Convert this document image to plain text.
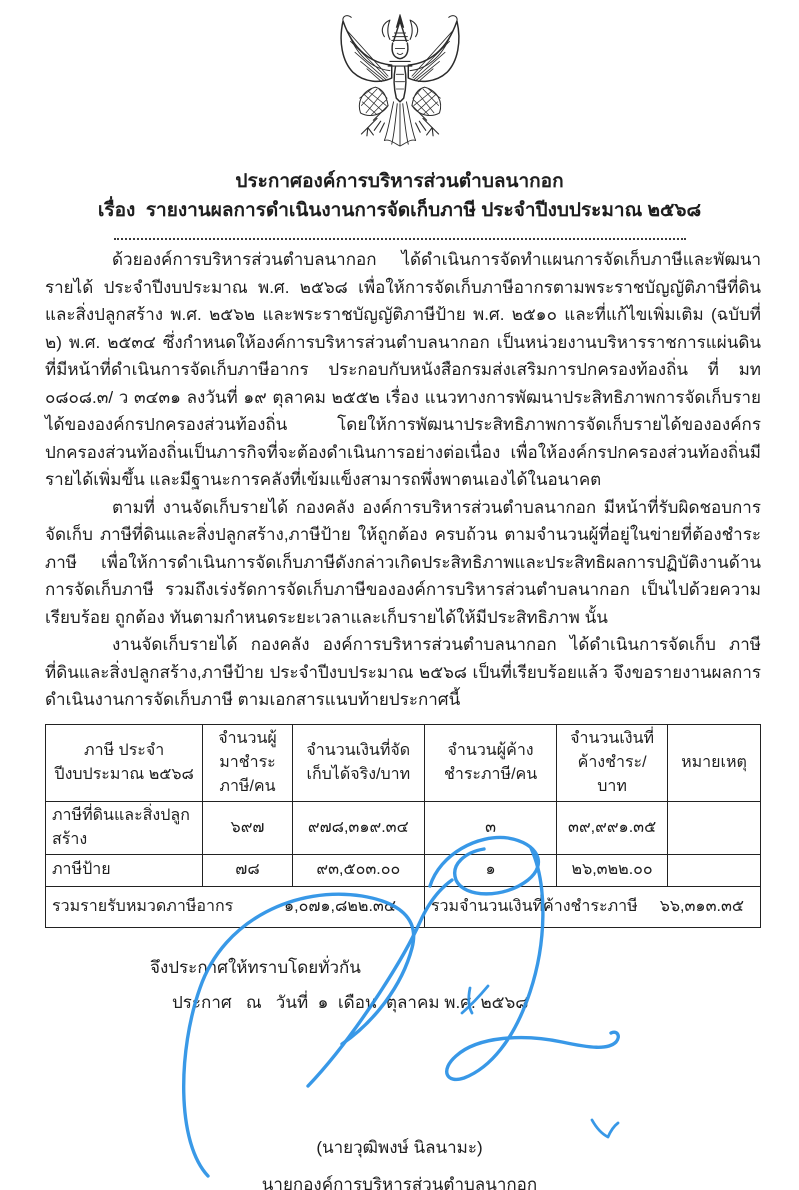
ประกาศองค์การบริหารส่วนตำบลนากอก
เรื่อง  รายงานผลการดำเนินงานการจัดเก็บภาษี ประจำปีงบประมาณ ๒๕๖๘

ด้วยองค์การบริหารส่วนตำบลนากอก ได้ดำเนินการจัดทำแผนการจัดเก็บภาษีและพัฒนารายได้ ประจำปีงบประมาณ พ.ศ. ๒๕๖๘ เพื่อให้การจัดเก็บภาษีอากรตามพระราชบัญญัติภาษีที่ดินและสิ่งปลูกสร้าง พ.ศ. ๒๕๖๒ และพระราชบัญญัติภาษีป้าย พ.ศ. ๒๕๑๐ และที่แก้ไขเพิ่มเติม (ฉบับที่ ๒) พ.ศ. ๒๕๓๔ ซึ่งกำหนดให้องค์การบริหารส่วนตำบลนากอก เป็นหน่วยงานบริหารราชการแผ่นดินที่มีหน้าที่ดำเนินการจัดเก็บภาษีอากร ประกอบกับหนังสือกรมส่งเสริมการปกครองท้องถิ่น ที่ มท ๐๘๐๘.๓/ ว ๓๔๓๑ ลงวันที่ ๑๙ ตุลาคม ๒๕๕๒ เรื่อง แนวทางการพัฒนาประสิทธิภาพการจัดเก็บรายได้ขององค์กรปกครองส่วนท้องถิ่น โดยให้การพัฒนาประสิทธิภาพการจัดเก็บรายได้ขององค์กรปกครองส่วนท้องถิ่นเป็นภารกิจที่จะต้องดำเนินการอย่างต่อเนื่อง เพื่อให้องค์กรปกครองส่วนท้องถิ่นมีรายได้เพิ่มขึ้น และมีฐานะการคลังที่เข้มแข็งสามารถพึ่งพาตนเองได้ในอนาคต

ตามที่ งานจัดเก็บรายได้ กองคลัง องค์การบริหารส่วนตำบลนากอก มีหน้าที่รับผิดชอบการจัดเก็บ ภาษีที่ดินและสิ่งปลูกสร้าง,ภาษีป้าย ให้ถูกต้อง ครบถ้วน ตามจำนวนผู้ที่อยู่ในข่ายที่ต้องชำระภาษี เพื่อให้การดำเนินการจัดเก็บภาษีดังกล่าวเกิดประสิทธิภาพและประสิทธิผลการปฏิบัติงานด้านการจัดเก็บภาษี รวมถึงเร่งรัดการจัดเก็บภาษีขององค์การบริหารส่วนตำบลนากอก เป็นไปด้วยความเรียบร้อย ถูกต้อง ทันตามกำหนดระยะเวลาและเก็บรายได้ให้มีประสิทธิภาพ นั้น

งานจัดเก็บรายได้ กองคลัง องค์การบริหารส่วนตำบลนากอก ได้ดำเนินการจัดเก็บ ภาษีที่ดินและสิ่งปลูกสร้าง,ภาษีป้าย ประจำปีงบประมาณ ๒๕๖๘ เป็นที่เรียบร้อยแล้ว จึงขอรายงานผลการดำเนินงานการจัดเก็บภาษี ตามเอกสารแนบท้ายประกาศนี้

ภาษี ประจำปีงบประมาณ ๒๕๖๘	จำนวนผู้มาชำระภาษี/คน	จำนวนเงินที่จัดเก็บได้จริง/บาท	จำนวนผู้ค้างชำระภาษี/คน	จำนวนเงินที่ค้างชำระ/บาท	หมายเหตุ
ภาษีที่ดินและสิ่งปลูกสร้าง	๖๙๗	๙๗๘,๓๑๙.๓๔	๓	๓๙,๙๙๑.๓๕	
ภาษีป้าย	๗๘	๙๓,๕๐๓.๐๐	๑	๒๖,๓๒๒.๐๐	

รวมรายรับหมวดภาษีอากร ๑,๐๗๑,๘๒๒.๓๔			รวมจำนวนเงินที่ค้างชำระภาษี ๖๖,๓๑๓.๓๕		
จึงประกาศให้ทราบโดยทั่วกัน
ประกาศ   ณ   วันที่  ๑  เดือน  ตุลาคม พ.ศ. ๒๕๖๘
(นายวุฒิพงษ์ นิลนามะ)
นายกองค์การบริหารส่วนตำบลนากอก
